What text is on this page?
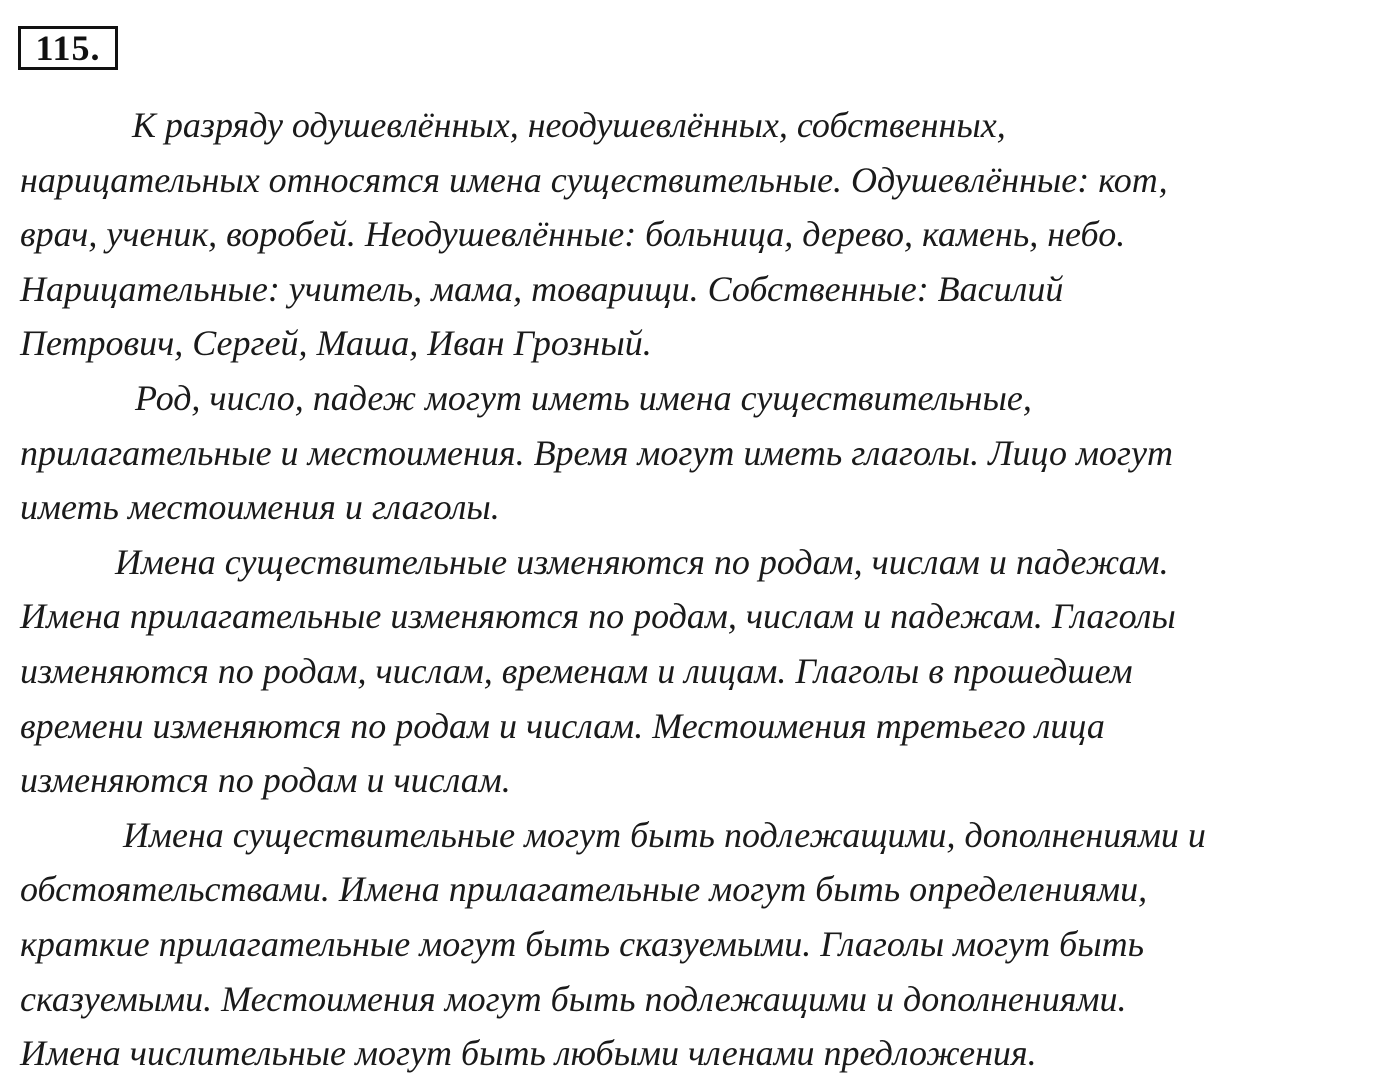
115.

К разряду одушевлённых, неодушевлённых, собственных,
нарицательных относятся имена существительные. Одушевлённые: кот,
врач, ученик, воробей. Неодушевлённые: больница, дерево, камень, небо.
Нарицательные: учитель, мама, товарищи. Собственные: Василий
Петрович, Сергей, Маша, Иван Грозный.

Род, число, падеж могут иметь имена существительные,
прилагательные и местоимения. Время могут иметь глаголы. Лицо могут
иметь местоимения и глаголы.

Имена существительные изменяются по родам, числам и падежам.
Имена прилагательные изменяются по родам, числам и падежам. Глаголы
изменяются по родам, числам, временам и лицам. Глаголы в прошедшем
времени изменяются по родам и числам. Местоимения третьего лица
изменяются по родам и числам.

Имена существительные могут быть подлежащими, дополнениями и
обстоятельствами. Имена прилагательные могут быть определениями,
краткие прилагательные могут быть сказуемыми. Глаголы могут быть
сказуемыми. Местоимения могут быть подлежащими и дополнениями.
Имена числительные могут быть любыми членами предложения.
